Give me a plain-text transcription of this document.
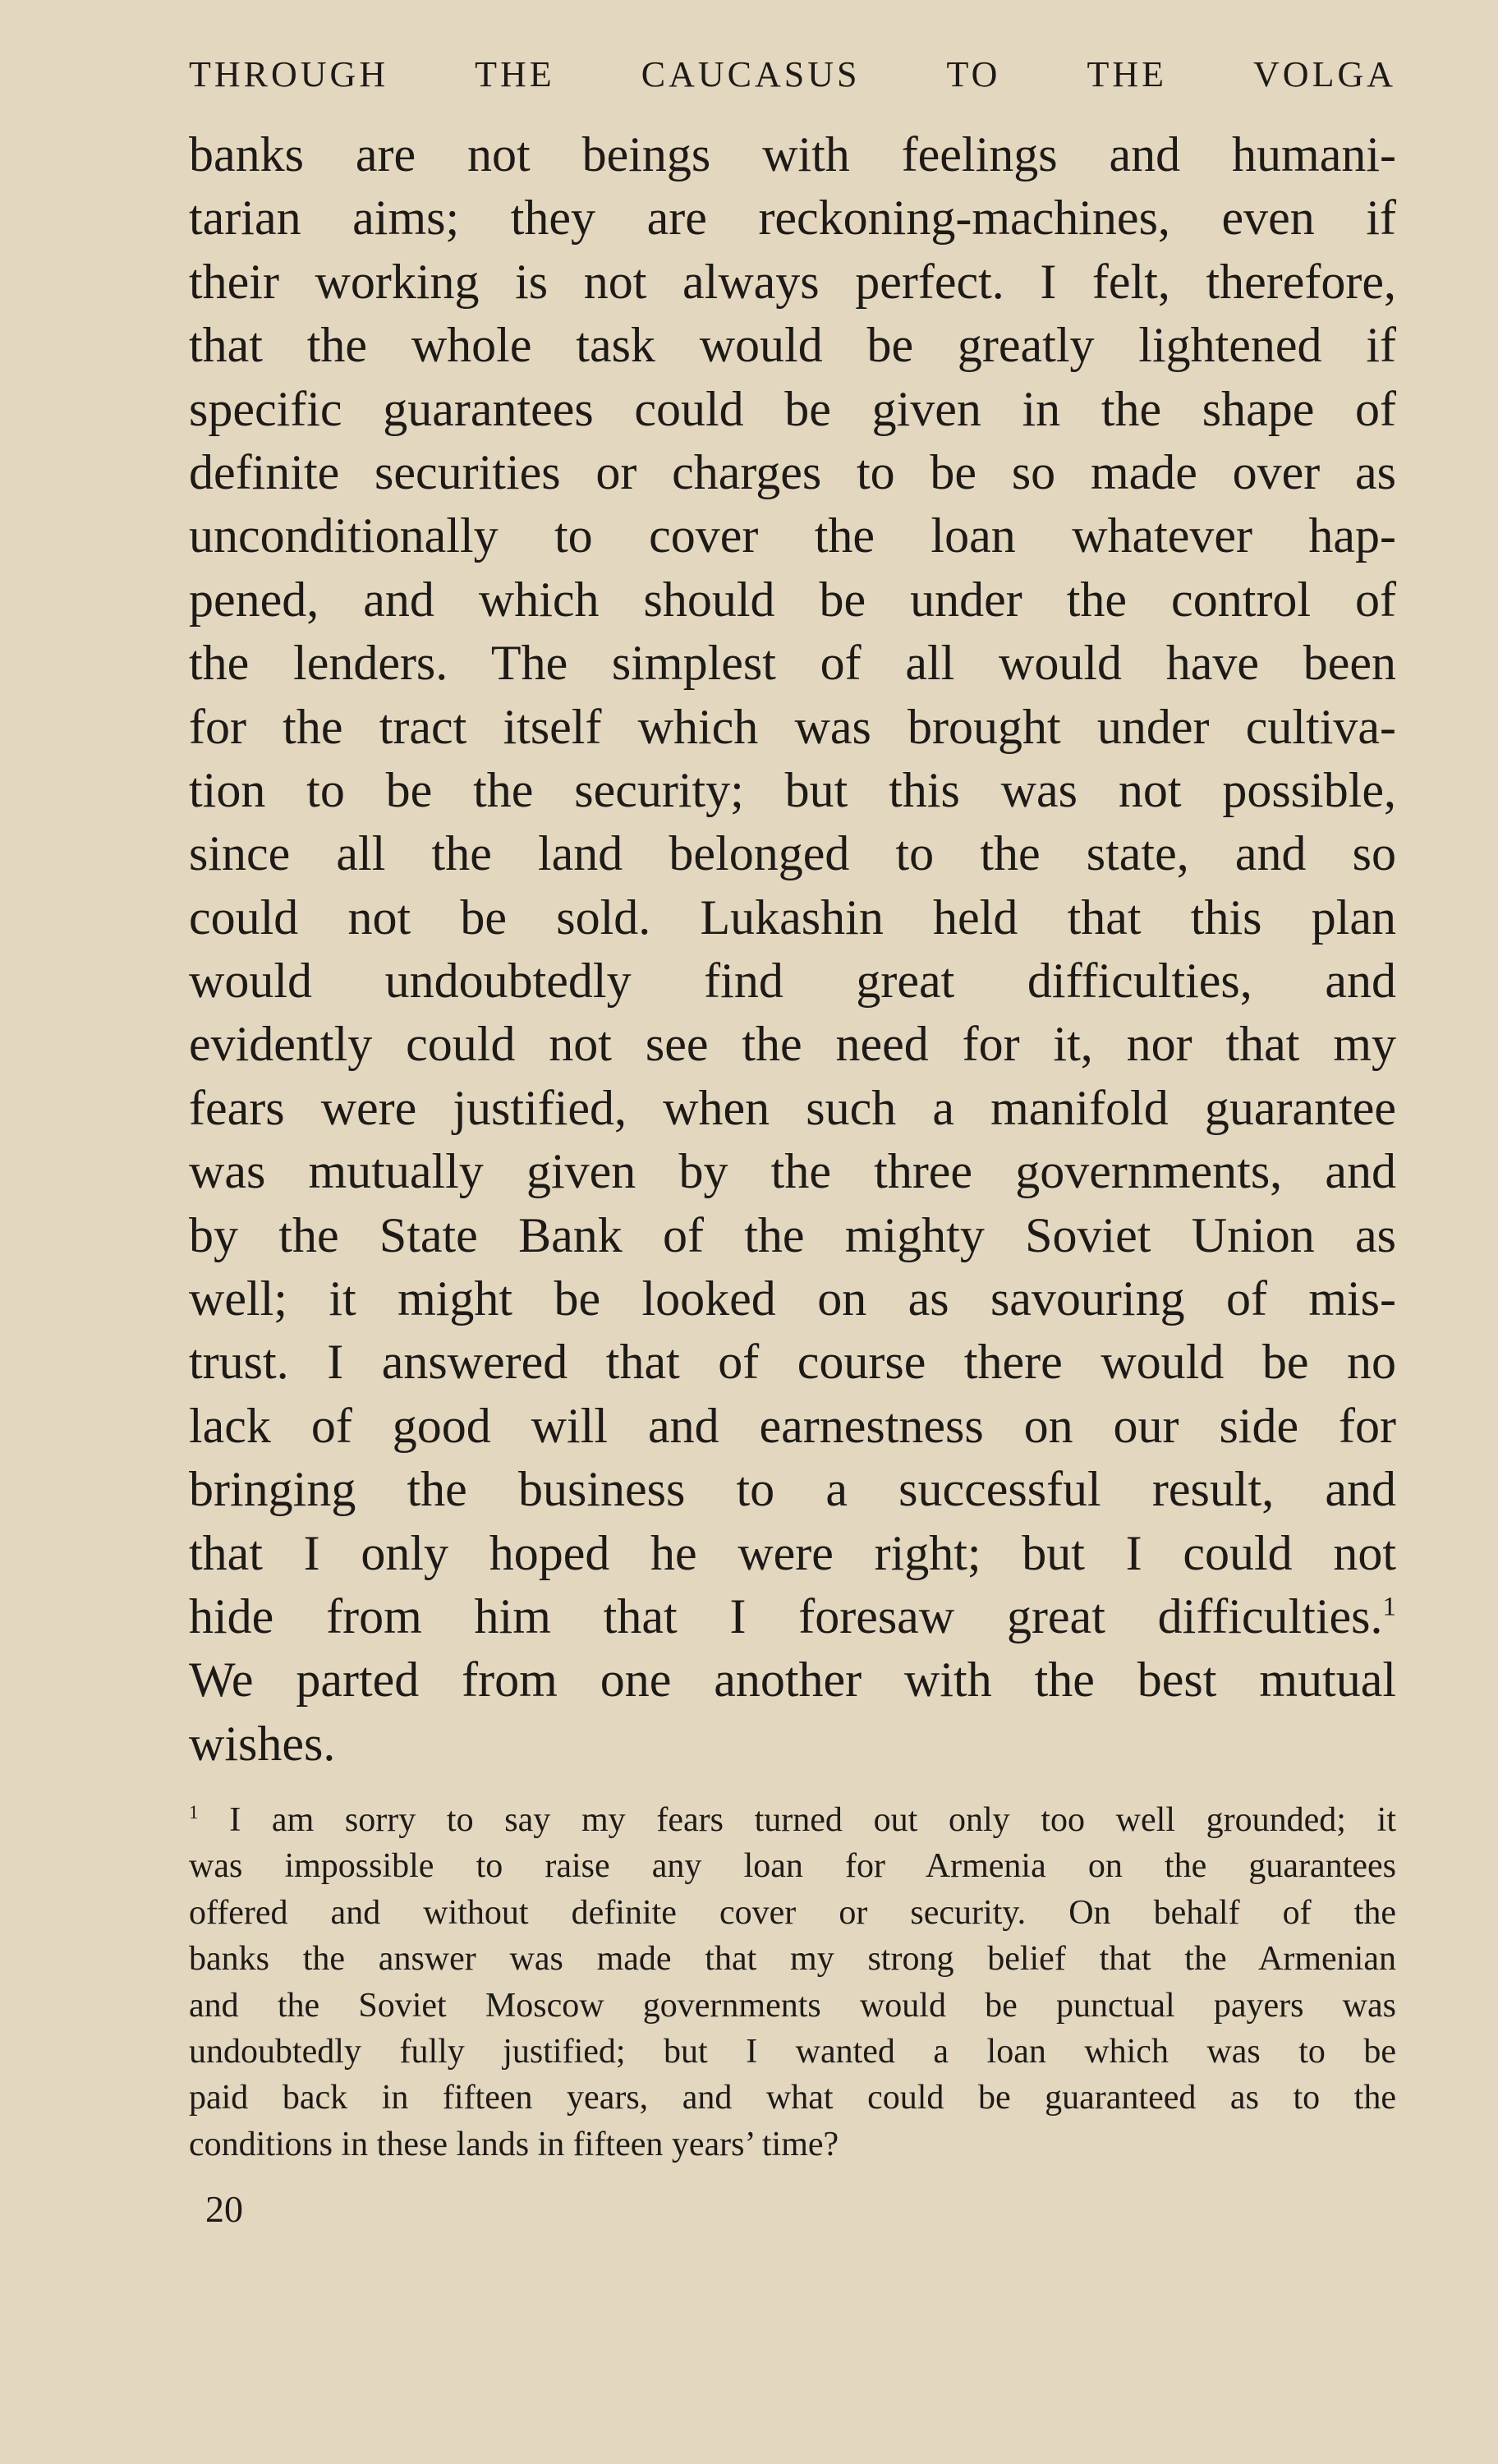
THROUGH THE CAUCASUS TO THE VOLGA
banks are not beings with feelings and humani-
tarian aims; they are reckoning-machines, even if
their working is not always perfect. I felt, therefore,
that the whole task would be greatly lightened if
specific guarantees could be given in the shape of
definite securities or charges to be so made over as
unconditionally to cover the loan whatever hap-
pened, and which should be under the control of
the lenders. The simplest of all would have been
for the tract itself which was brought under cultiva-
tion to be the security; but this was not possible,
since all the land belonged to the state, and so
could not be sold. Lukashin held that this plan
would undoubtedly find great difficulties, and
evidently could not see the need for it, nor that my
fears were justified, when such a manifold guarantee
was mutually given by the three governments, and
by the State Bank of the mighty Soviet Union as
well; it might be looked on as savouring of mis-
trust. I answered that of course there would be no
lack of good will and earnestness on our side for
bringing the business to a successful result, and
that I only hoped he were right; but I could not
hide from him that I foresaw great difficulties.$^1$
We parted from one another with the best mutual
wishes.
$^1$ I am sorry to say my fears turned out only too well grounded; it
was impossible to raise any loan for Armenia on the guarantees
offered and without definite cover or security. On behalf of the
banks the answer was made that my strong belief that the Armenian
and the Soviet Moscow governments would be punctual payers was
undoubtedly fully justified; but I wanted a loan which was to be
paid back in fifteen years, and what could be guaranteed as to the
conditions in these lands in fifteen years’ time?
20
